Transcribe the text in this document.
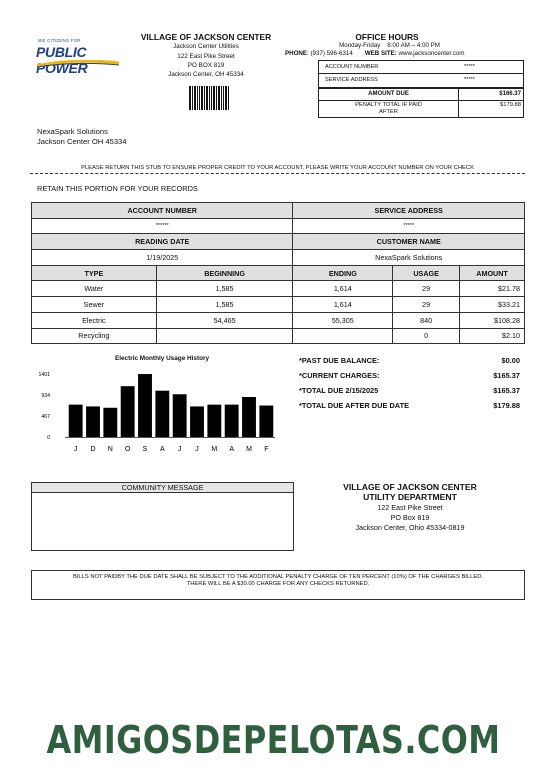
WE CITIZENS FOR
PUBLIC POWER
VILLAGE OF JACKSON CENTER
Jackson Center Utilities
122 East Pike Street
PO BOX 819
Jackson Center, OH 45334
OFFICE HOURS
Monday-Friday 8:00 AM – 4:00 PM
PHONE: (937) 596-6314 WEB SITE: www.jacksoncenter.com
ACCOUNT NUMBER	*****
SERVICE ADDRESS	*****
AMOUNT DUE	$166.37
PENALTY TOTAL IF PAID
AFTER
$179.88
NexaSpark Solutions
Jackson Center OH 45334
PLEASE RETURN THIS STUB TO ENSURE PROPER CREDIT TO YOUR ACCOUNT. PLEASE WRITE YOUR ACCOUNT NUMBER ON YOUR CHECK
RETAIN THIS PORTION FOR YOUR RECORDS
ACCOUNT NUMBER		SERVICE ADDRESS		
******		*****		
READING DATE		CUSTOMER NAME		
1/19/2025		NexaSpark Solutions		
TYPE	BEGINNING	ENDING	USAGE	AMOUNT
Water	1,585	1,614	29	$21.78
Sewer	1,585	1,614	29	$33.21
Electric	54,465	55,305	840	$108.28
Recycling			0	$2.10
Electric Monthly Usage History
0
467
934
1401
J D N O S A J J M A M F
*PAST DUE BALANCE:	$0.00
*CURRENT CHARGES:	$165.37
*TOTAL DUE 2/15/2025	$165.37
*TOTAL DUE AFTER DUE DATE	$179.88
COMMUNITY MESSAGE	VILLAGE OF JACKSON CENTER
UTILITY DEPARTMENT
122 East Pike Street
PO Box 819
Jackson Center, Ohio 45334-0819
BILLS NOT PAIDBY THE DUE DATE SHALL BE SUBJECT TO THE ADDITIONAL PENALTY CHARGE OF TEN PERCENT (10%) OF THE CHARGES BILLED.
THERE WILL BE A $30.00 CHARGE FOR ANY CHECKS RETURNED.
AMIGOSDEPELOTAS.COM
